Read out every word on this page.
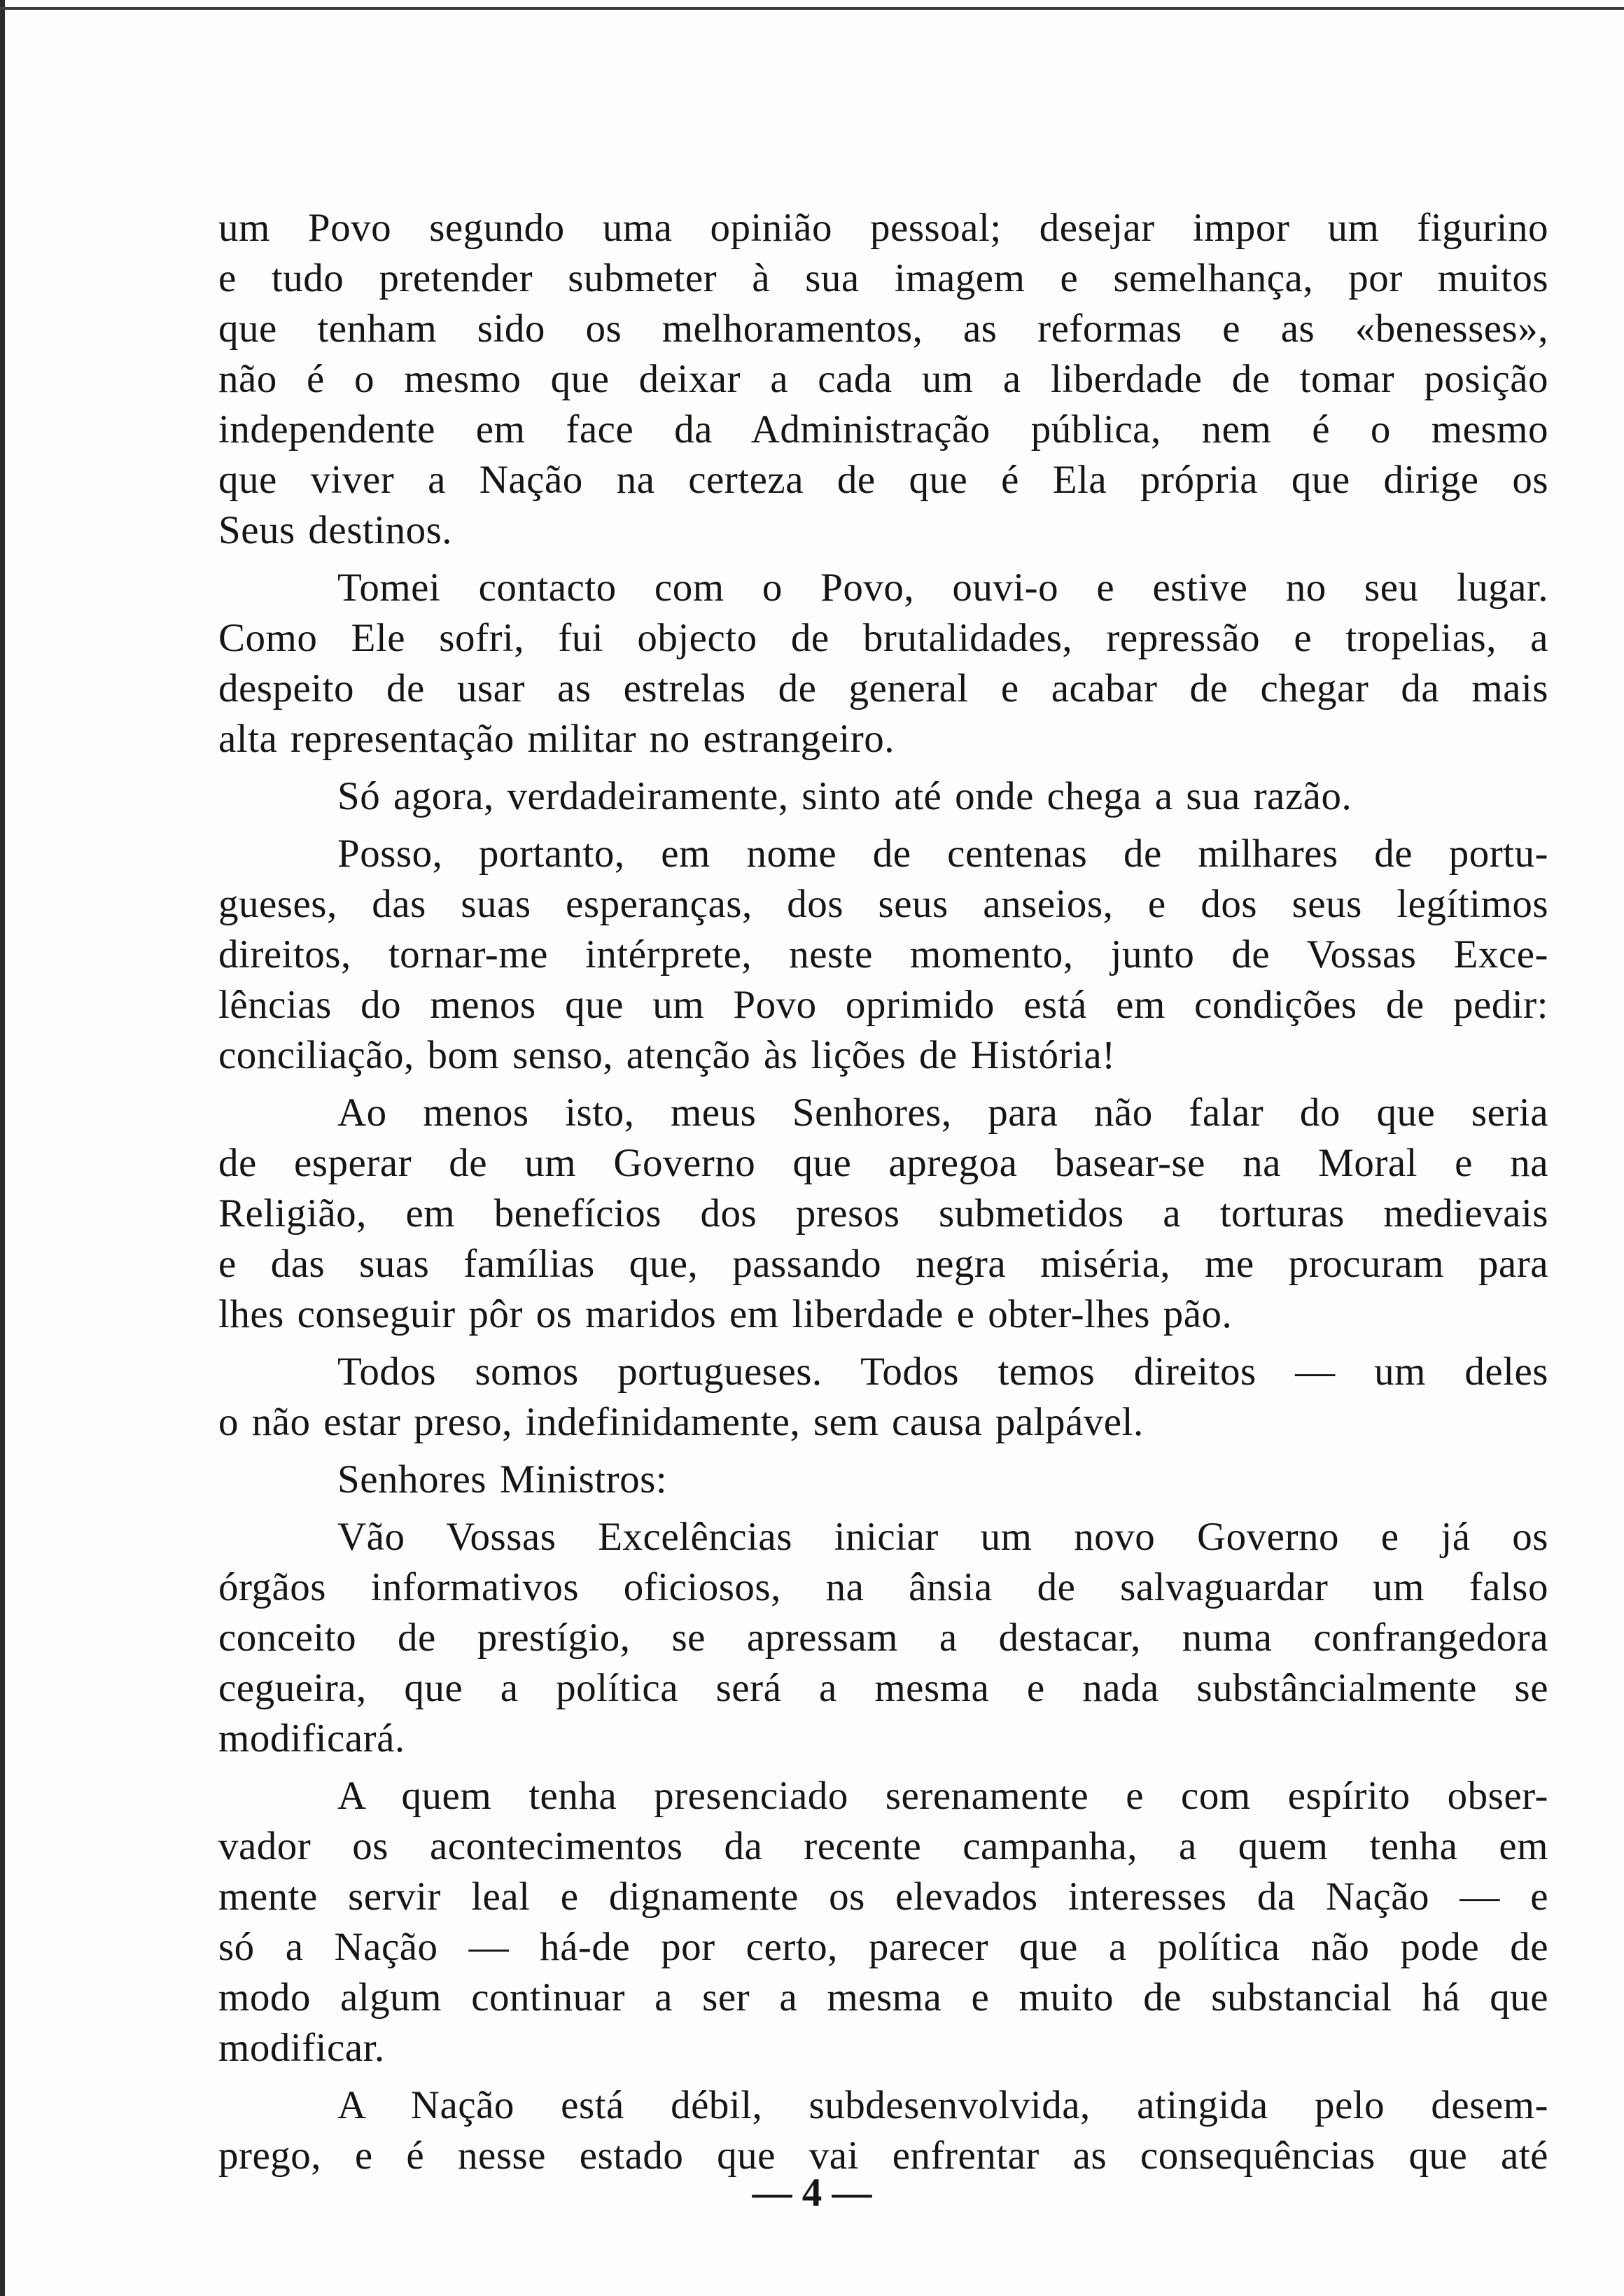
um Povo segundo uma opinião pessoal; desejar impor um figurino
e tudo pretender submeter à sua imagem e semelhança, por muitos
que tenham sido os melhoramentos, as reformas e as «benesses»,
não é o mesmo que deixar a cada um a liberdade de tomar posição
independente em face da Administração pública, nem é o mesmo
que viver a Nação na certeza de que é Ela própria que dirige os
Seus destinos.
Tomei contacto com o Povo, ouvi-o e estive no seu lugar.
Como Ele sofri, fui objecto de brutalidades, repressão e tropelias, a
despeito de usar as estrelas de general e acabar de chegar da mais
alta representação militar no estrangeiro.
Só agora, verdadeiramente, sinto até onde chega a sua razão.
Posso, portanto, em nome de centenas de milhares de portu-
gueses, das suas esperanças, dos seus anseios, e dos seus legítimos
direitos, tornar-me intérprete, neste momento, junto de Vossas Exce-
lências do menos que um Povo oprimido está em condições de pedir:
conciliação, bom senso, atenção às lições de História!
Ao menos isto, meus Senhores, para não falar do que seria
de esperar de um Governo que apregoa basear-se na Moral e na
Religião, em benefícios dos presos submetidos a torturas medievais
e das suas famílias que, passando negra miséria, me procuram para
lhes conseguir pôr os maridos em liberdade e obter-lhes pão.
Todos somos portugueses. Todos temos direitos — um deles
o não estar preso, indefinidamente, sem causa palpável.
Senhores Ministros:
Vão Vossas Excelências iniciar um novo Governo e já os
órgãos informativos oficiosos, na ânsia de salvaguardar um falso
conceito de prestígio, se apressam a destacar, numa confrangedora
cegueira, que a política será a mesma e nada substâncialmente se
modificará.
A quem tenha presenciado serenamente e com espírito obser-
vador os acontecimentos da recente campanha, a quem tenha em
mente servir leal e dignamente os elevados interesses da Nação — e
só a Nação — há-de por certo, parecer que a política não pode de
modo algum continuar a ser a mesma e muito de substancial há que
modificar.
A Nação está débil, subdesenvolvida, atingida pelo desem-
prego, e é nesse estado que vai enfrentar as consequências que até
— 4 —
